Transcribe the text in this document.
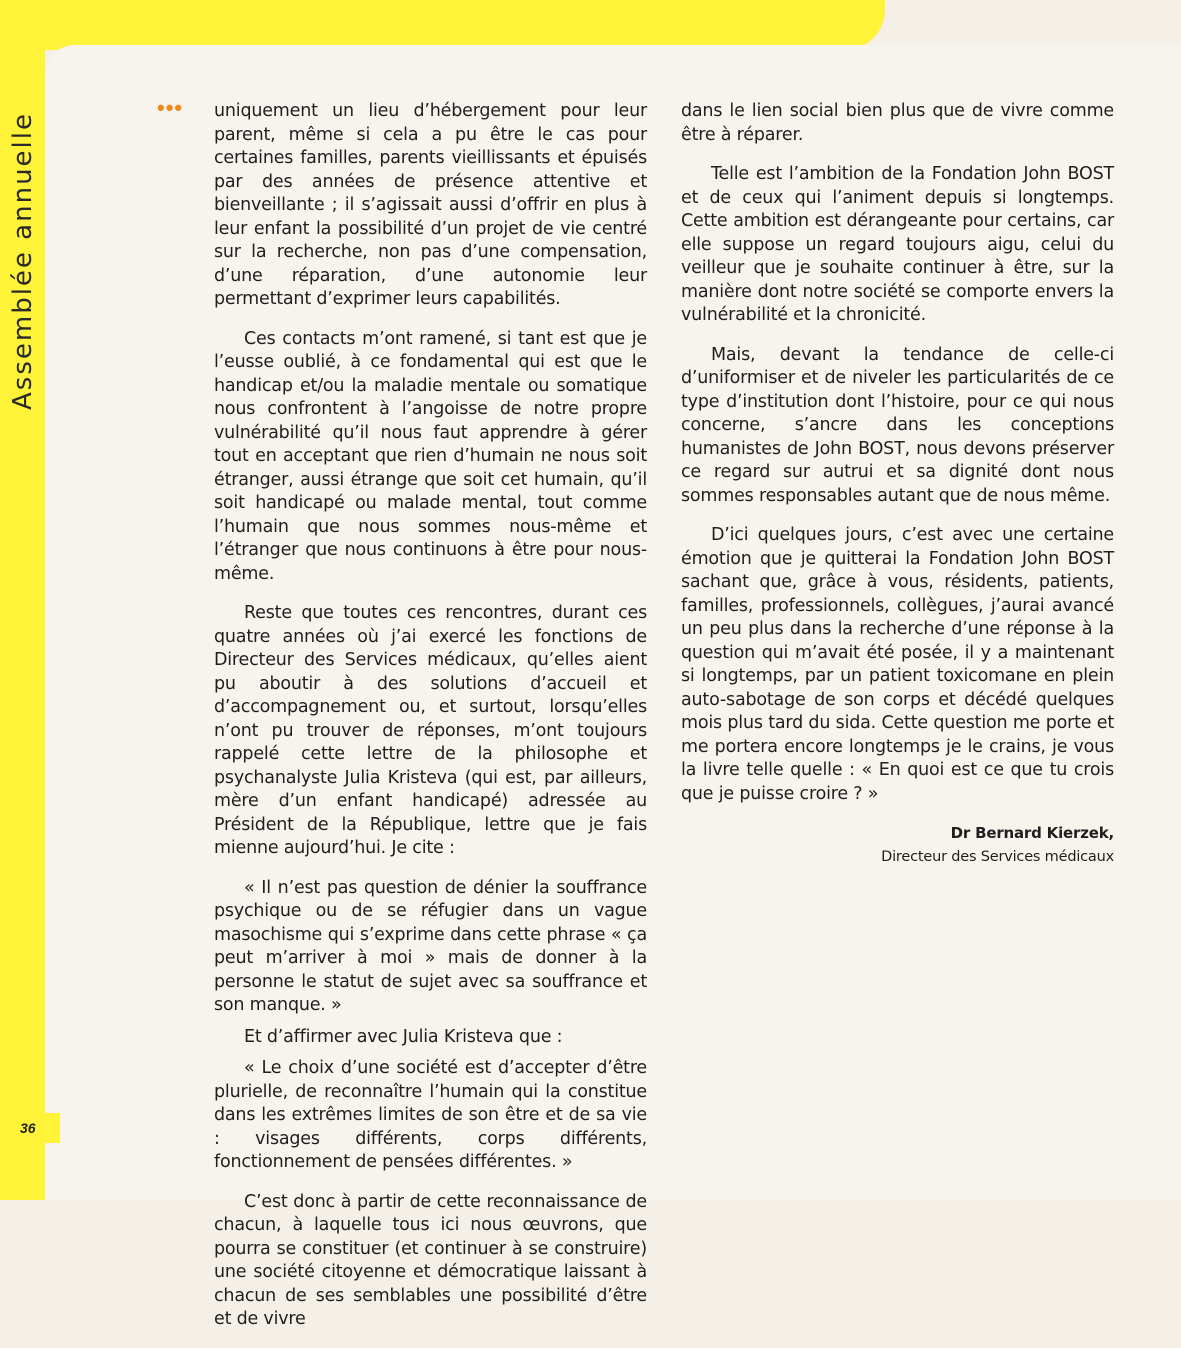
Assemblée annuelle
••• uniquement un lieu d’hébergement pour leur parent, même si cela a pu être le cas pour certaines familles, parents vieillissants et épuisés par des années de présence attentive et bienveillante ; il s’agissait aussi d’offrir en plus à leur enfant la possibilité d’un projet de vie centré sur la recherche, non pas d’une compensation, d’une réparation, d’une autonomie leur permettant d’exprimer leurs capabilités.

Ces contacts m’ont ramené, si tant est que je l’eusse oublié, à ce fondamental qui est que le handicap et/ou la maladie mentale ou somatique nous confrontent à l’angoisse de notre propre vulnérabilité qu’il nous faut apprendre à gérer tout en acceptant que rien d’humain ne nous soit étranger, aussi étrange que soit cet humain, qu’il soit handicapé ou malade mental, tout comme l’humain que nous sommes nous-même et l’étranger que nous continuons à être pour nous-même.

Reste que toutes ces rencontres, durant ces quatre années où j’ai exercé les fonctions de Directeur des Services médicaux, qu’elles aient pu aboutir à des solutions d’accueil et d’accompagnement ou, et surtout, lorsqu’elles n’ont pu trouver de réponses, m’ont toujours rappelé cette lettre de la philosophe et psychanalyste Julia Kristeva (qui est, par ailleurs, mère d’un enfant handicapé) adressée au Président de la République, lettre que je fais mienne aujourd’hui. Je cite :

« Il n’est pas question de dénier la souffrance psychique ou de se réfugier dans un vague masochisme qui s’exprime dans cette phrase « ça peut m’arriver à moi » mais de donner à la personne le statut de sujet avec sa souffrance et son manque. »

Et d’affirmer avec Julia Kristeva que :

« Le choix d’une société est d’accepter d’être plurielle, de reconnaître l’humain qui la constitue dans les extrêmes limites de son être et de sa vie : visages différents, corps différents, fonctionnement de pensées différentes. »

C’est donc à partir de cette reconnaissance de chacun, à laquelle tous ici nous œuvrons, que pourra se constituer (et continuer à se construire) une société citoyenne et démocratique laissant à chacun de ses semblables une possibilité d’être et de vivre

dans le lien social bien plus que de vivre comme être à réparer.

Telle est l’ambition de la Fondation John BOST et de ceux qui l’animent depuis si longtemps. Cette ambition est dérangeante pour certains, car elle suppose un regard toujours aigu, celui du veilleur que je souhaite continuer à être, sur la manière dont notre société se comporte envers la vulnérabilité et la chronicité.

Mais, devant la tendance de celle-ci d’uniformiser et de niveler les particularités de ce type d’institution dont l’histoire, pour ce qui nous concerne, s’ancre dans les conceptions humanistes de John BOST, nous devons préserver ce regard sur autrui et sa dignité dont nous sommes responsables autant que de nous même.

D’ici quelques jours, c’est avec une certaine émotion que je quitterai la Fondation John BOST sachant que, grâce à vous, résidents, patients, familles, professionnels, collègues, j’aurai avancé un peu plus dans la recherche d’une réponse à la question qui m’avait été posée, il y a maintenant si longtemps, par un patient toxicomane en plein auto-sabotage de son corps et décédé quelques mois plus tard du sida. Cette question me porte et me portera encore longtemps je le crains, je vous la livre telle quelle : « En quoi est ce que tu crois que je puisse croire ? »

Dr Bernard Kierzek,
Directeur des Services médicaux
36
